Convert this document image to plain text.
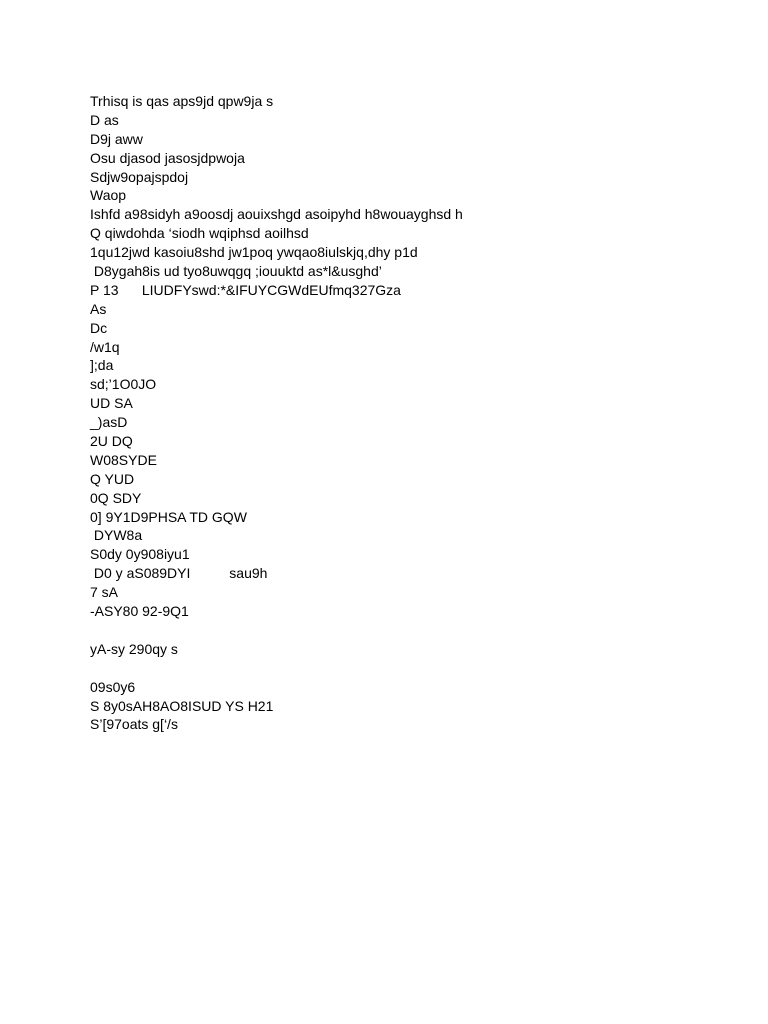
Trhisq is qas aps9jd qpw9ja s
D as
D9j aww
Osu djasod jasosjdpwoja
Sdjw9opajspdoj
Waop
Ishfd a98sidyh a9oosdj aouixshgd asoipyhd h8wouayghsd h
Q qiwdohda ‘siodh wqiphsd aoilhsd
1qu12jwd kasoiu8shd jw1poq ywqao8iulskjq,dhy p1d
D8ygah8is ud tyo8uwqgq ;iouuktd as*l&usghd’
P 13      LIUDFYswd:*&IFUYCGWdEUfmq327Gza
As
Dc
/w1q
];da
sd;’1O0JO
UD SA
_)asD
2U DQ
W08SYDE
Q YUD
0Q SDY
0] 9Y1D9PHSA TD GQW
DYW8a
S0dy 0y908iyu1
D0 y aS089DYI          sau9h
7 sA
-ASY80 92-9Q1
yA-sy 290qy s
09s0y6
S 8y0sAH8AO8ISUD YS H21
S’[97oats g[‘/s
